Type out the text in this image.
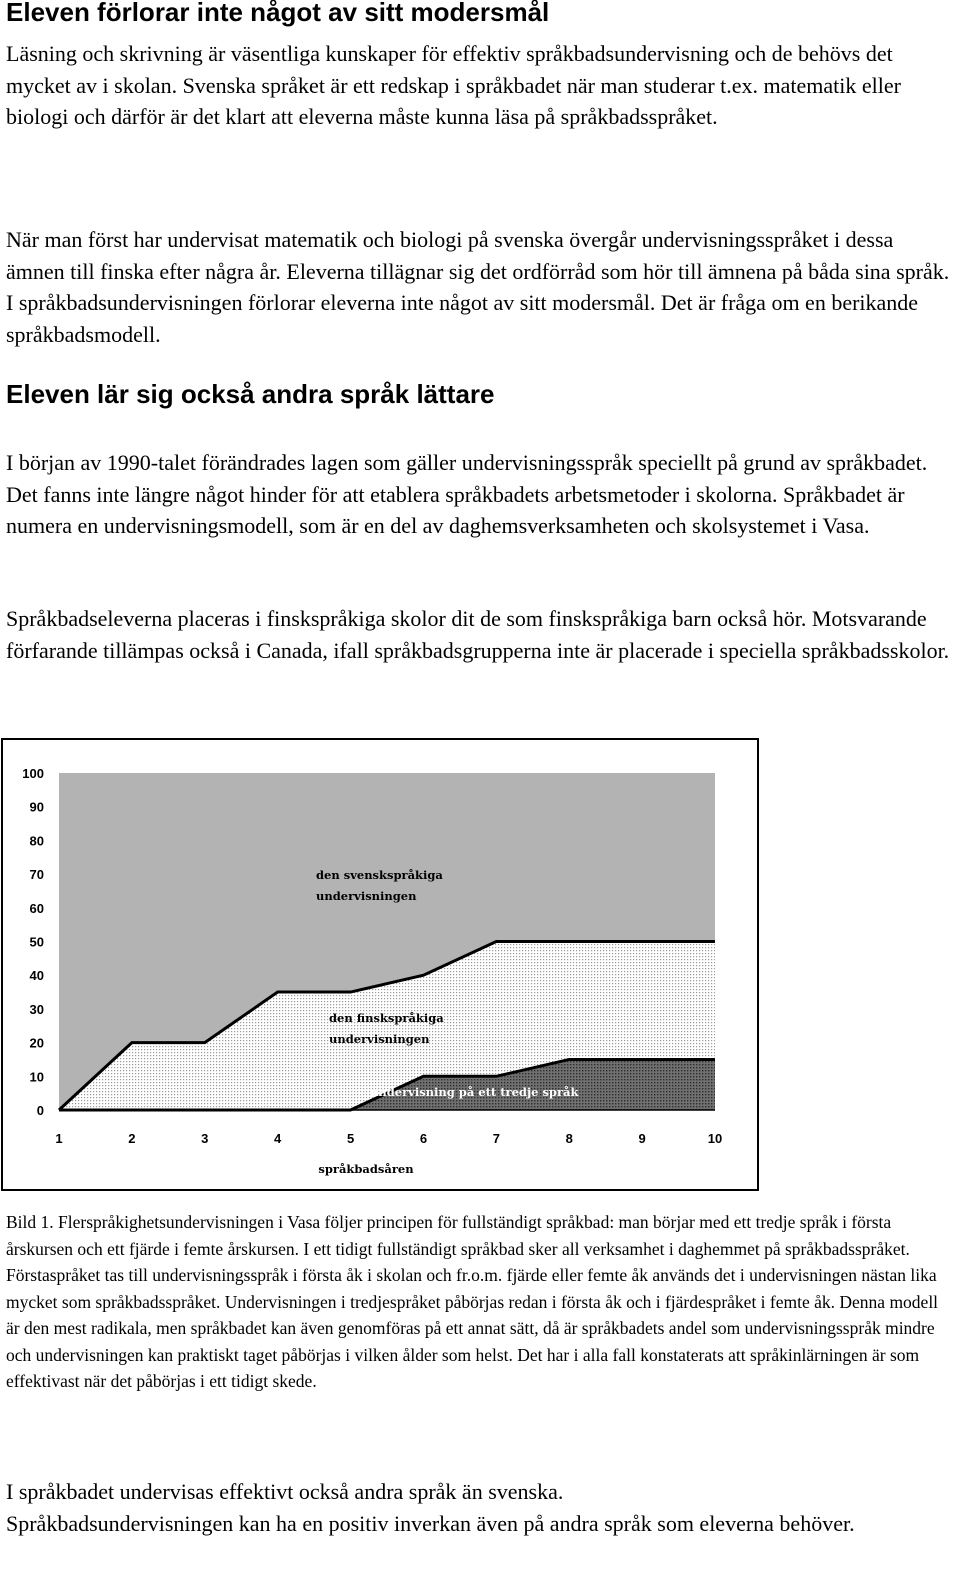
Eleven förlorar inte något av sitt modersmål

Läsning och skrivning är väsentliga kunskaper för effektiv språkbadsundervisning och de behövs det mycket av i skolan. Svenska språket är ett redskap i språkbadet när man studerar t.ex. matematik eller biologi och därför är det klart att eleverna måste kunna läsa på språkbadsspråket.

När man först har undervisat matematik och biologi på svenska övergår undervisningsspråket i dessa ämnen till finska efter några år. Eleverna tillägnar sig det ordförråd som hör till ämnena på båda sina språk. I språkbadsundervisningen förlorar eleverna inte något av sitt modersmål. Det är fråga om en berikande språkbadsmodell.

Eleven lär sig också andra språk lättare

I början av 1990-talet förändrades lagen som gäller undervisningsspråk speciellt på grund av språkbadet. Det fanns inte längre något hinder för att etablera språkbadets arbetsmetoder i skolorna. Språkbadet är numera en undervisningsmodell, som är en del av daghemsverksamheten och skolsystemet i Vasa.

Språkbadseleverna placeras i finskspråkiga skolor dit de som finskspråkiga barn också hör. Motsvarande förfarande tillämpas också i Canada, ifall språkbadsgrupperna inte är placerade i speciella språkbadsskolor.

0
10
20
30
40
50
60
70
80
90
100
1	2	3	4	5	6	7	8	9	10
språkbadsåren
den svenskspråkiga
undervisningen
den finskspråkiga
undervisningen
undervisning på ett tredje språk

Bild 1. Flerspråkighetsundervisningen i Vasa följer principen för fullständigt språkbad: man börjar med ett tredje språk i första årskursen och ett fjärde i femte årskursen. I ett tidigt fullständigt språkbad sker all verksamhet i daghemmet på språkbadsspråket. Förstaspråket tas till undervisningsspråk i första åk i skolan och fr.o.m. fjärde eller femte åk används det i undervisningen nästan lika mycket som språkbadsspråket. Undervisningen i tredjespråket påbörjas redan i första åk och i fjärdespråket i femte åk. Denna modell är den mest radikala, men språkbadet kan även genomföras på ett annat sätt, då är språkbadets andel som undervisningsspråk mindre och undervisningen kan praktiskt taget påbörjas i vilken ålder som helst. Det har i alla fall konstaterats att språkinlärningen är som effektivast när det påbörjas i ett tidigt skede.

I språkbadet undervisas effektivt också andra språk än svenska.

Språkbadsundervisningen kan ha en positiv inverkan även på andra språk som eleverna behöver.
